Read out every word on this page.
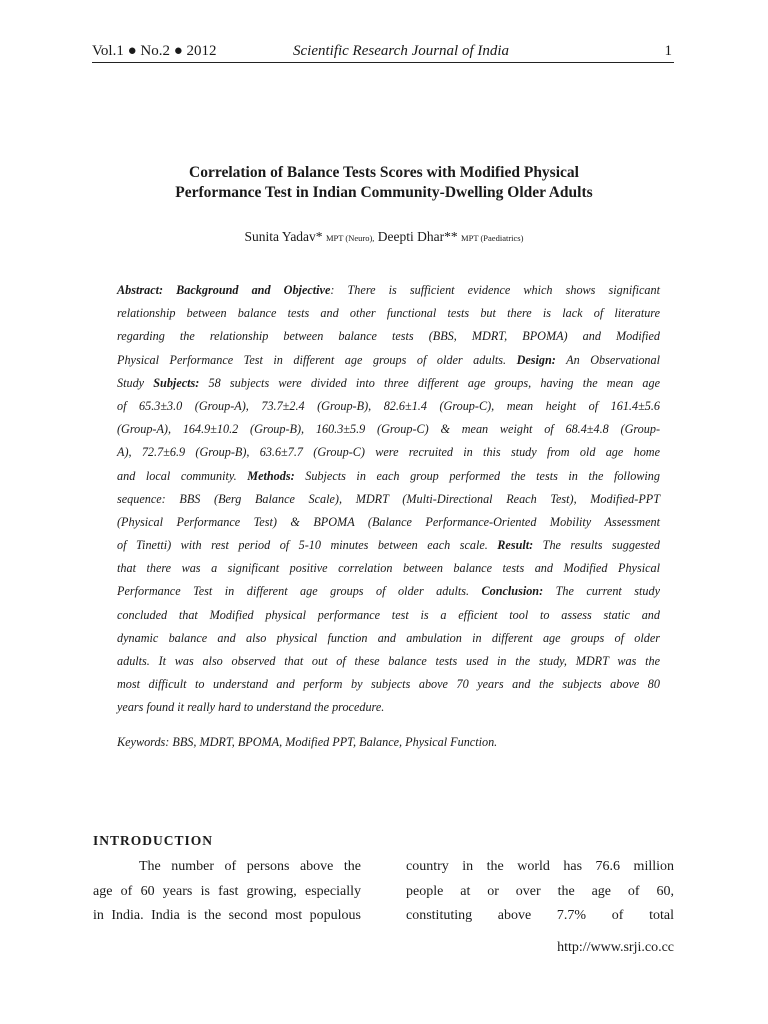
Vol.1 ● No.2 ● 2012	Scientific Research Journal of India	1
Correlation of Balance Tests Scores with Modified Physical
Performance Test in Indian Community-Dwelling Older Adults
Sunita Yadav* MPT (Neuro), Deepti Dhar** MPT (Paediatrics)
Abstract: Background and Objective: There is sufficient evidence which shows significant
relationship between balance tests and other functional tests but there is lack of literature
regarding the relationship between balance tests (BBS, MDRT, BPOMA) and Modified
Physical Performance Test in different age groups of older adults. Design: An Observational
Study Subjects: 58 subjects were divided into three different age groups, having the mean age
of 65.3±3.0 (Group-A), 73.7±2.4 (Group-B), 82.6±1.4 (Group-C), mean height of 161.4±5.6
(Group-A), 164.9±10.2 (Group-B), 160.3±5.9 (Group-C) & mean weight of 68.4±4.8 (Group-
A), 72.7±6.9 (Group-B), 63.6±7.7 (Group-C) were recruited in this study from old age home
and local community. Methods: Subjects in each group performed the tests in the following
sequence: BBS (Berg Balance Scale), MDRT (Multi-Directional Reach Test), Modified-PPT
(Physical Performance Test) & BPOMA (Balance Performance-Oriented Mobility Assessment
of Tinetti) with rest period of 5-10 minutes between each scale. Result: The results suggested
that there was a significant positive correlation between balance tests and Modified Physical
Performance Test in different age groups of older adults. Conclusion: The current study
concluded that Modified physical performance test is a efficient tool to assess static and
dynamic balance and also physical function and ambulation in different age groups of older
adults. It was also observed that out of these balance tests used in the study, MDRT was the
most difficult to understand and perform by subjects above 70 years and the subjects above 80
years found it really hard to understand the procedure.
Keywords: BBS, MDRT, BPOMA, Modified PPT, Balance, Physical Function.
INTRODUCTION
The number of persons above the
age of 60 years is fast growing, especially
in India. India is the second most populous
country in the world has 76.6 million
people at or over the age of 60,
constituting above 7.7% of total
http://www.srji.co.cc
